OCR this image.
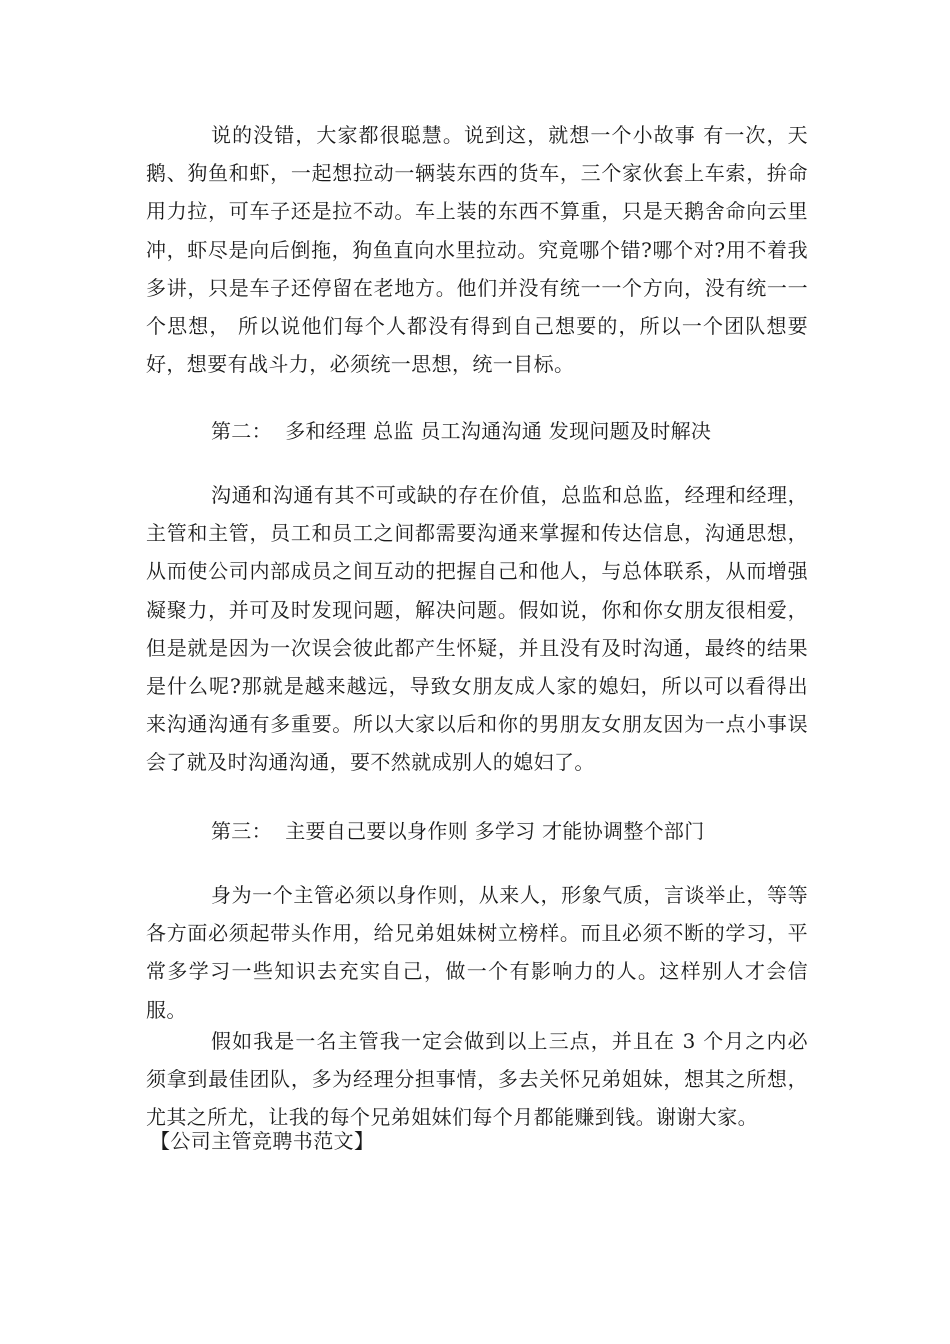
说的没错，大家都很聪慧。说到这，就想一个小故事 有一次，天鹅、狗鱼和虾，一起想拉动一辆装东西的货车，三个家伙套上车索，拚命用力拉，可车子还是拉不动。车上装的东西不算重，只是天鹅舍命向云里冲，虾尽是向后倒拖，狗鱼直向水里拉动。究竟哪个错?哪个对?用不着我多讲，只是车子还停留在老地方。他们并没有统一一个方向，没有统一一个思想， 所以说他们每个人都没有得到自己想要的，所以一个团队想要好，想要有战斗力，必须统一思想，统一目标。

第二：  多和经理 总监 员工沟通沟通 发现问题及时解决

沟通和沟通有其不可或缺的存在价值，总监和总监，经理和经理，主管和主管，员工和员工之间都需要沟通来掌握和传达信息，沟通思想，从而使公司内部成员之间互动的把握自己和他人，与总体联系，从而增强凝聚力，并可及时发现问题，解决问题。假如说，你和你女朋友很相爱，但是就是因为一次误会彼此都产生怀疑，并且没有及时沟通，最终的结果是什么呢?那就是越来越远，导致女朋友成人家的媳妇，所以可以看得出来沟通沟通有多重要。所以大家以后和你的男朋友女朋友因为一点小事误会了就及时沟通沟通，要不然就成别人的媳妇了。

第三：  主要自己要以身作则 多学习 才能协调整个部门

身为一个主管必须以身作则，从来人，形象气质，言谈举止，等等各方面必须起带头作用，给兄弟姐妹树立榜样。而且必须不断的学习，平常多学习一些知识去充实自己，做一个有影响力的人。这样别人才会信服。

假如我是一名主管我一定会做到以上三点，并且在 3 个月之内必须拿到最佳团队，多为经理分担事情，多去关怀兄弟姐妹，想其之所想，尤其之所尤，让我的每个兄弟姐妹们每个月都能赚到钱。谢谢大家。

【公司主管竞聘书范文】
